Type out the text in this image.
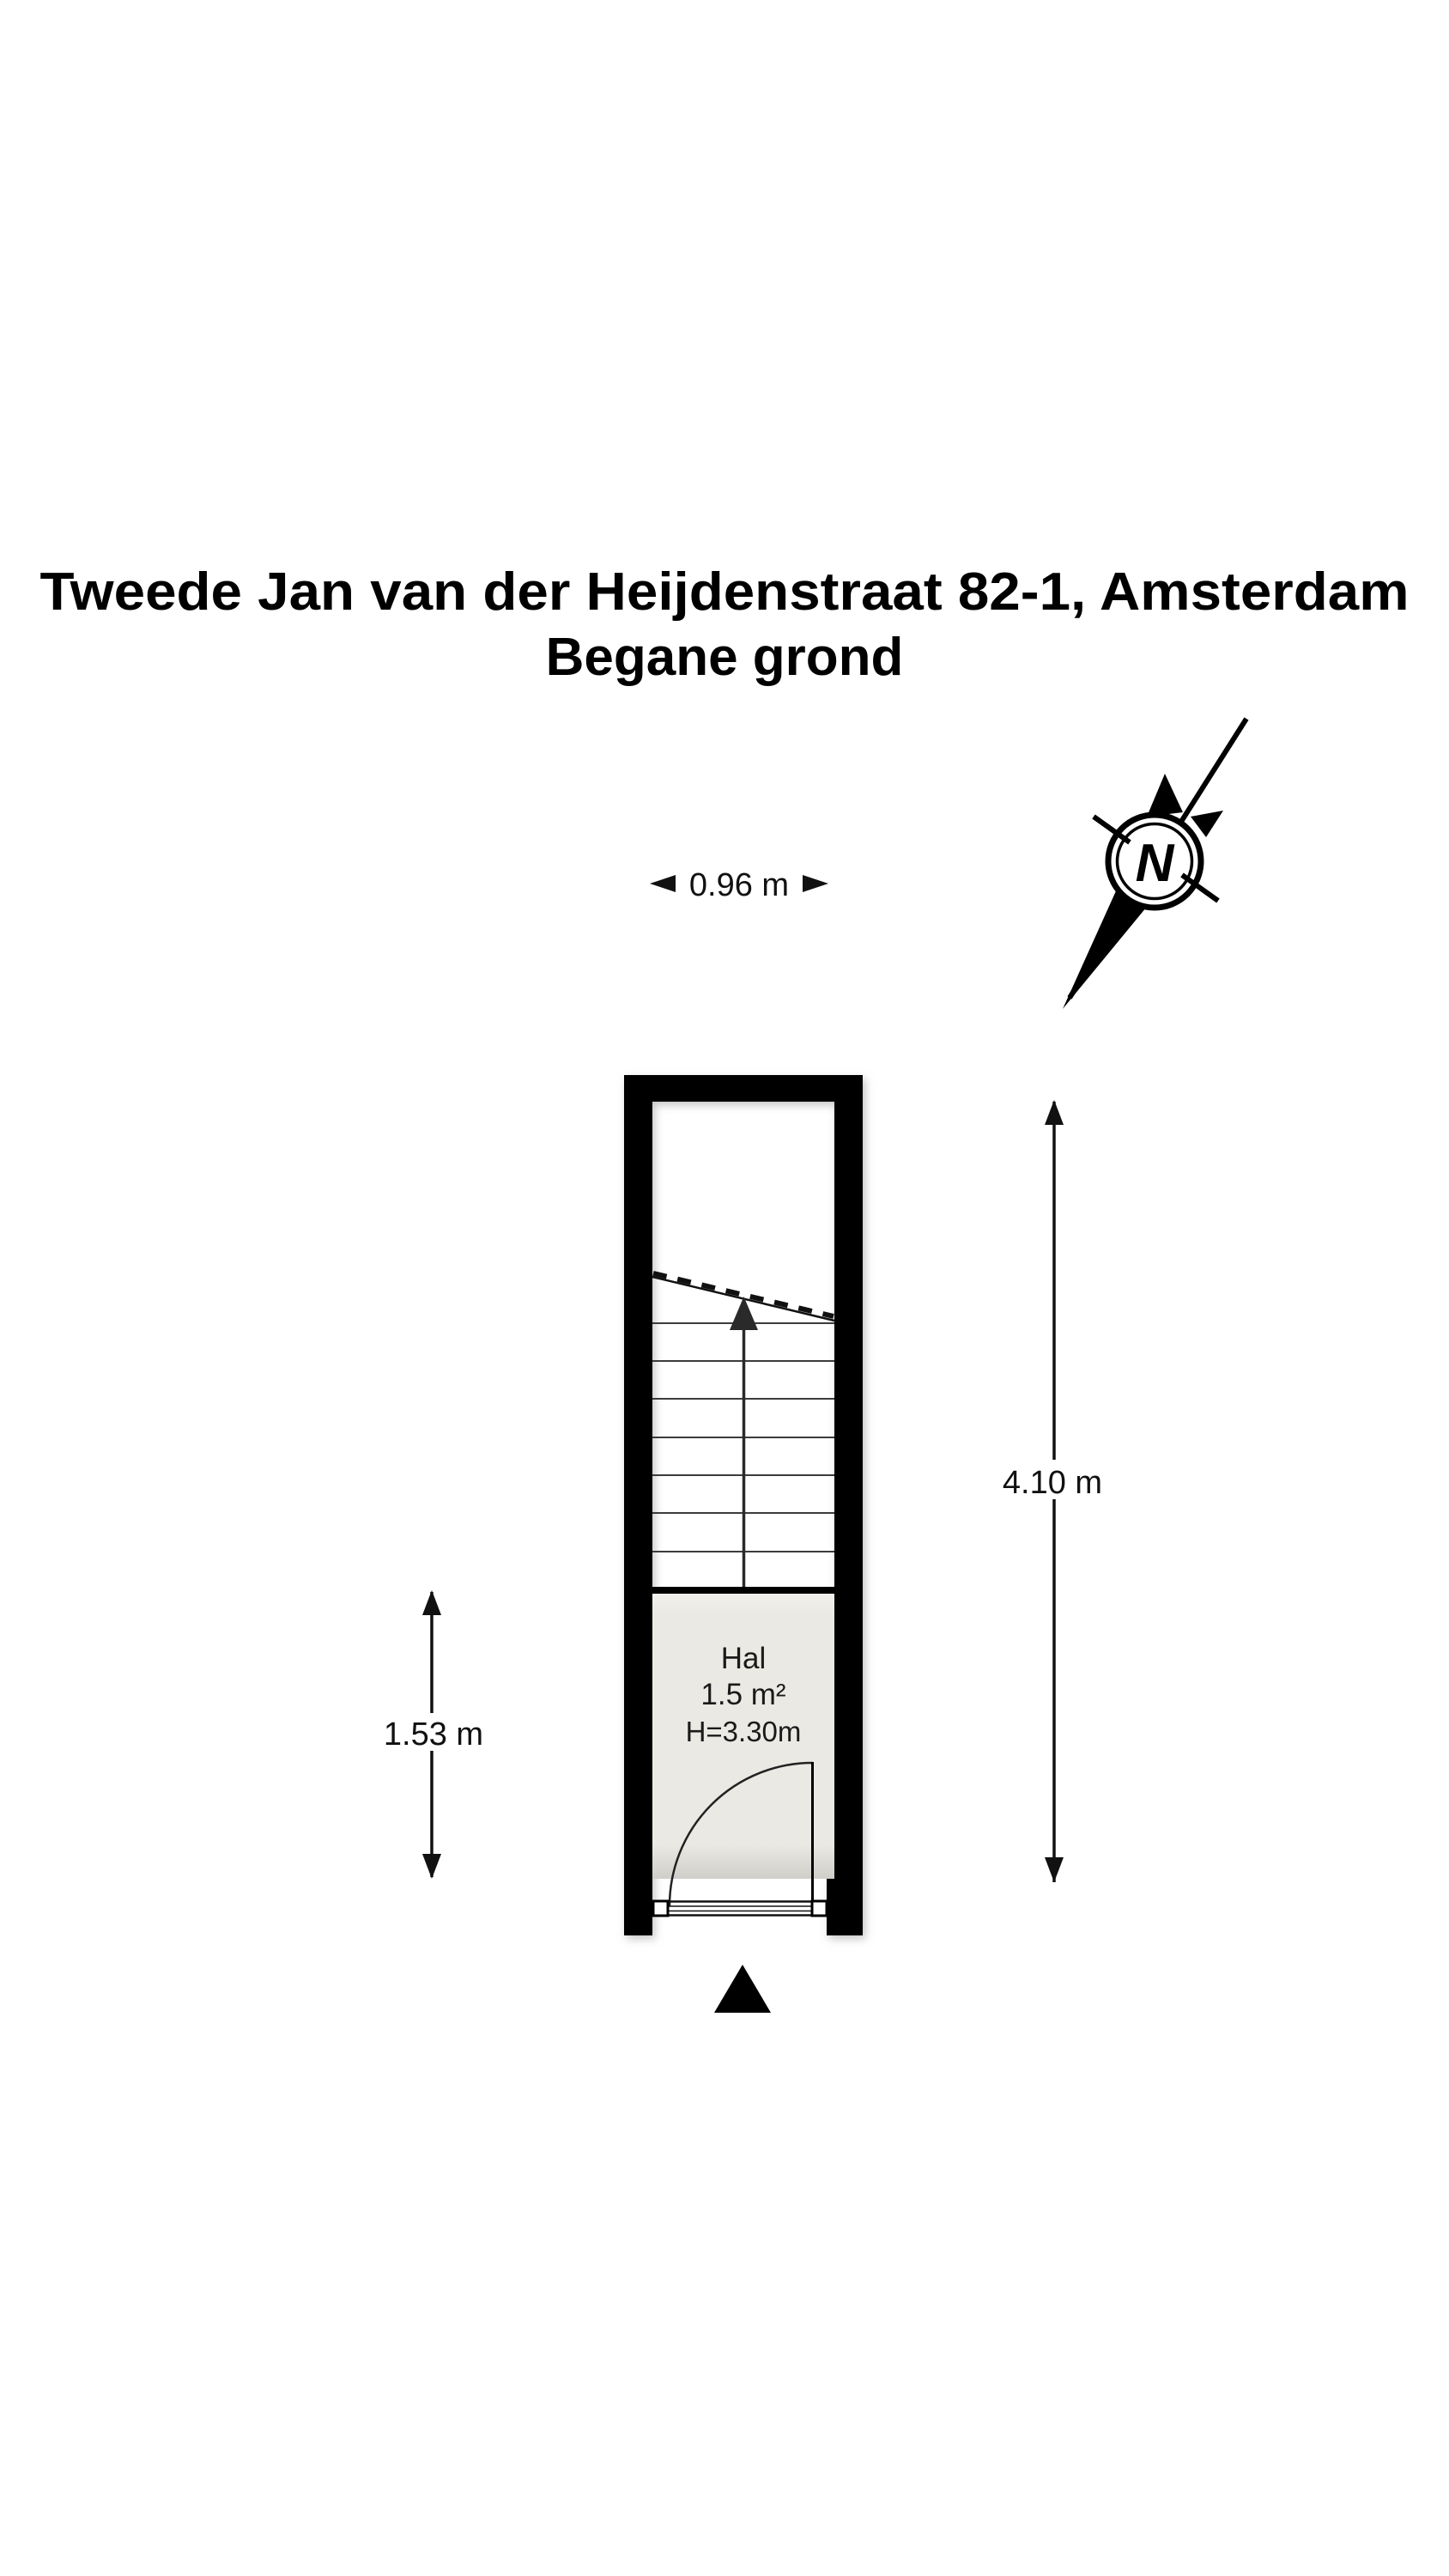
Tweede Jan van der Heijdenstraat 82-1, Amsterdam
Begane grond
N
0.96 m
Hal
1.5 m²
H=3.30m
4.10 m
1.53 m
